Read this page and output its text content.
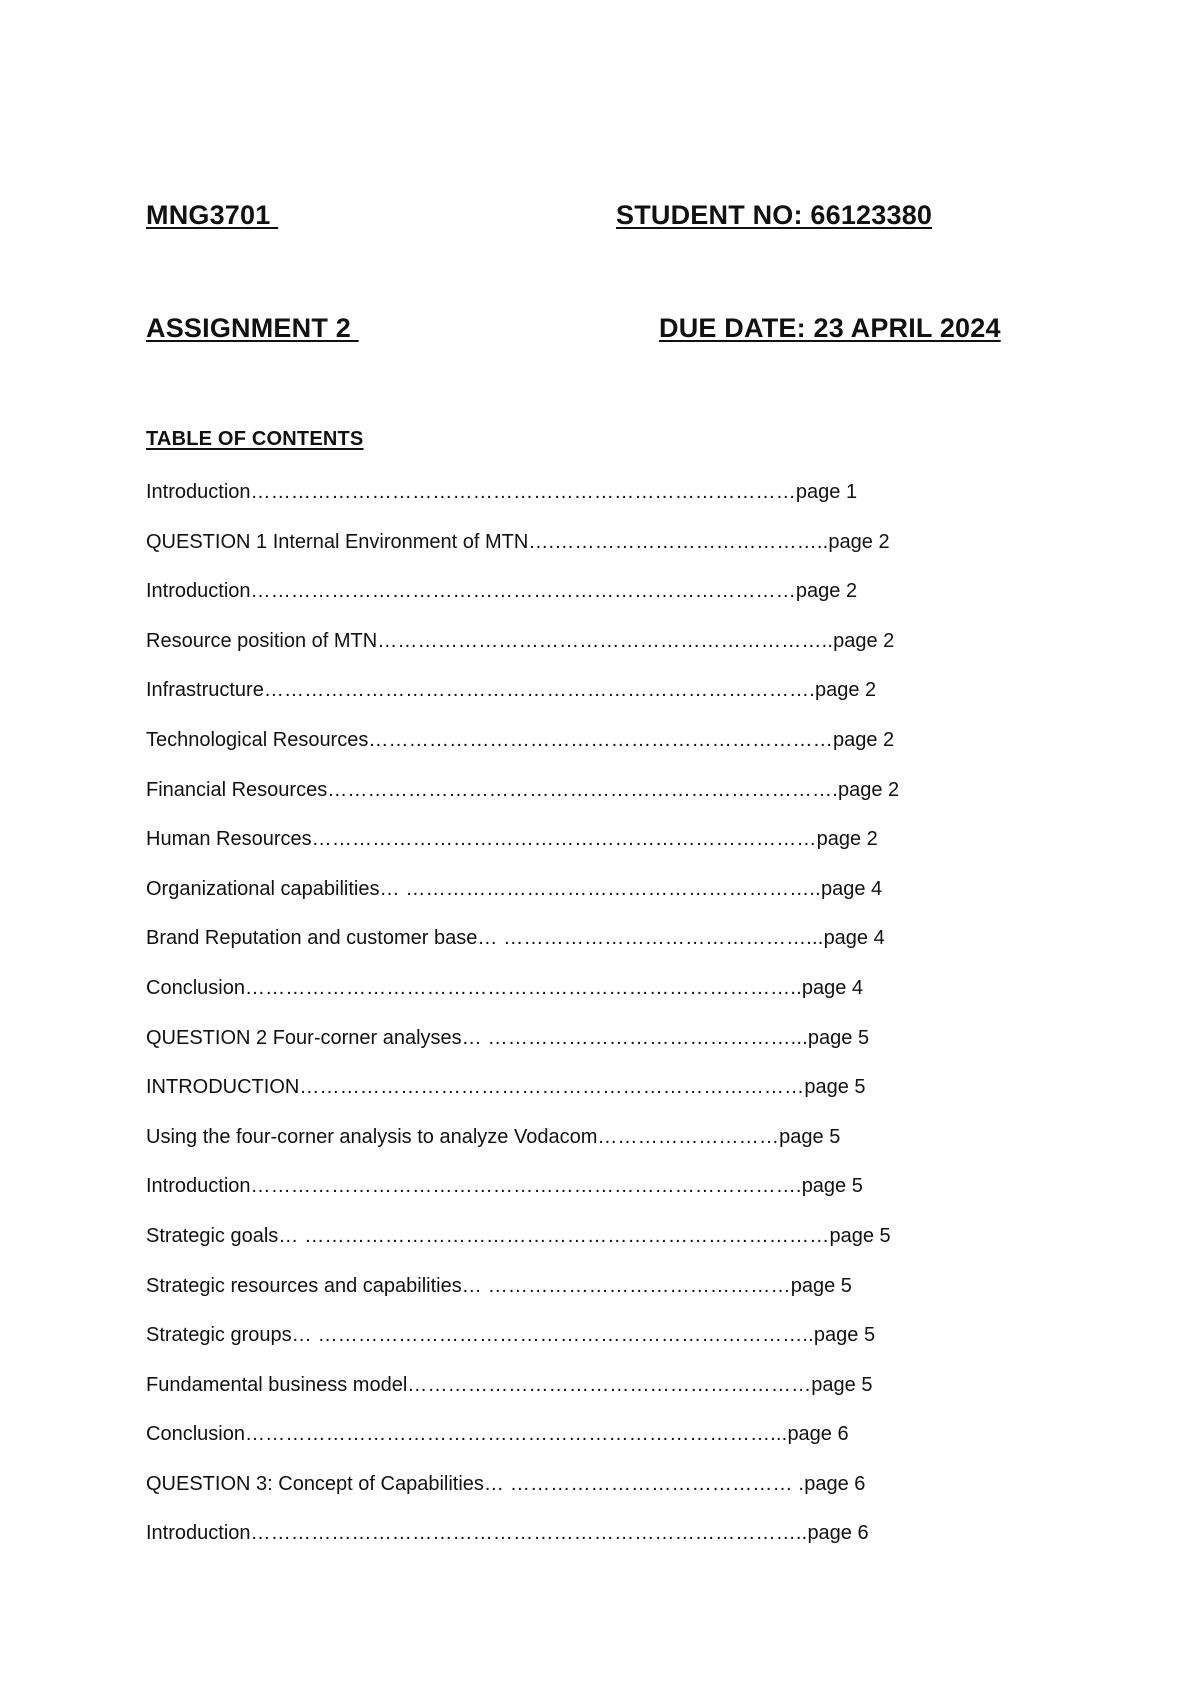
MNG3701	STUDENT NO: 66123380
ASSIGNMENT 2	DUE DATE: 23 APRIL 2024
TABLE OF CONTENTS
Introduction………………………………………………………………………page 1
QUESTION 1 Internal Environment of MTN….…………………………………..page 2
Introduction………………………………………………………………………page 2
Resource position of MTN…………………………………………………………..page 2
Infrastructure……………………………………………………………………….page 2
Technological Resources……………………………………………………………page 2
Financial Resources………………………………………………………………….page 2
Human Resources…………………………………………………………………page 2
Organizational capabilities… ……………………………………………………..page 4
Brand Reputation and customer base… ………………………………………...page 4
Conclusion………………………………………………………………………..page 4
QUESTION 2 Four-corner analyses… ………………………………………...page 5
INTRODUCTION…………………………………………………………………page 5
Using the four-corner analysis to analyze Vodacom………………………page 5
Introduction……………………………………………………………………….page 5
Strategic goals… ……………………………………………………………………page 5
Strategic resources and capabilities… ………………………………………page 5
Strategic groups… ………………………………………………………………..page 5
Fundamental business model……………………………………………………page 5
Conclusion……………………………………………………………………...page 6
QUESTION 3: Concept of Capabilities… …………………………………… .page 6
Introduction………………………………………………………………………..page 6
